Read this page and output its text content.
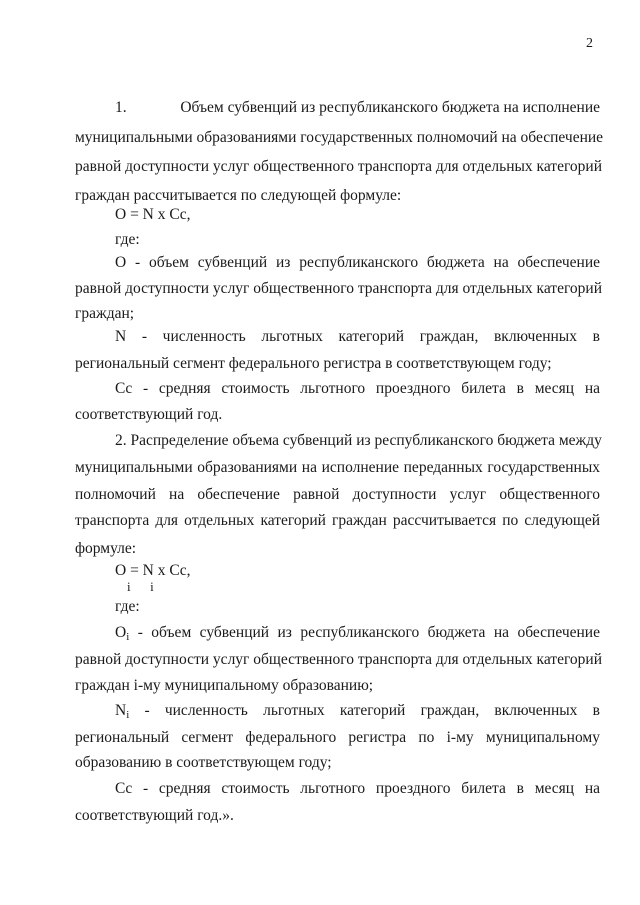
2
1.	Объем субвенций из республиканского бюджета на исполнение
муниципальными образованиями государственных полномочий на обеспечение
равной доступности услуг общественного транспорта для отдельных категорий
граждан рассчитывается по следующей формуле:
O = N x Cc,
где:
O - объем субвенций из республиканского бюджета на обеспечение
равной доступности услуг общественного транспорта для отдельных категорий
граждан;
N - численность льготных категорий граждан, включенных в
региональный сегмент федерального регистра в соответствующем году;
Cc - средняя стоимость льготного проездного билета в месяц на
соответствующий год.
2. Распределение объема субвенций из республиканского бюджета между
муниципальными образованиями на исполнение переданных государственных
полномочий на обеспечение равной доступности услуг общественного
транспорта для отдельных категорий граждан рассчитывается по следующей
формуле:
O = N x Cc,
i      i
где:
$O_i$ - объем субвенций из республиканского бюджета на обеспечение
равной доступности услуг общественного транспорта для отдельных категорий
граждан i-му муниципальному образованию;
$N_i$ - численность льготных категорий граждан, включенных в
региональный сегмент федерального регистра по i-му муниципальному
образованию в соответствующем году;
Cc - средняя стоимость льготного проездного билета в месяц на
соответствующий год.».
